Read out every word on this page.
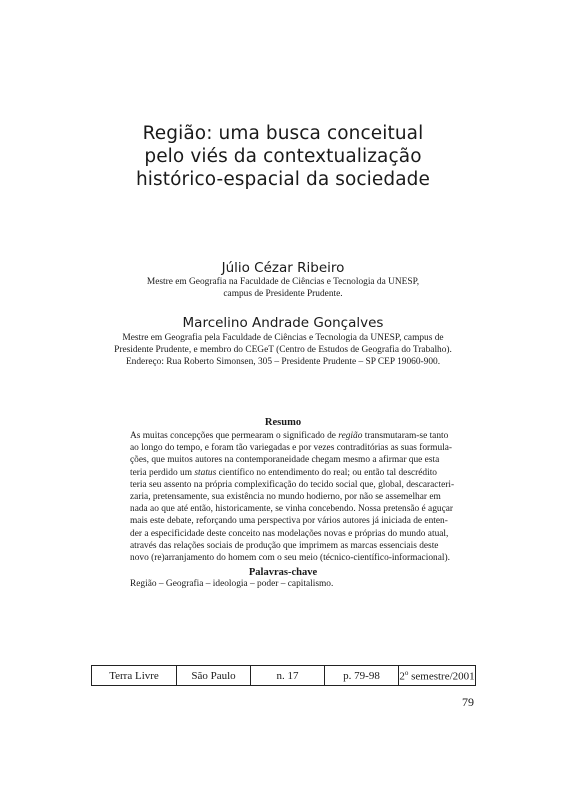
Região: uma busca conceitual
pelo viés da contextualização
histórico-espacial da sociedade
Júlio Cézar Ribeiro
Mestre em Geografia na Faculdade de Ciências e Tecnologia da UNESP,
campus de Presidente Prudente.
Marcelino Andrade Gonçalves
Mestre em Geografia pela Faculdade de Ciências e Tecnologia da UNESP, campus de
Presidente Prudente, e membro do CEGeT (Centro de Estudos de Geografia do Trabalho).
Endereço: Rua Roberto Simonsen, 305 – Presidente Prudente – SP CEP 19060-900.
Resumo
As muitas concepções que permearam o significado de região transmutaram-se tanto
ao longo do tempo, e foram tão variegadas e por vezes contraditórias as suas formula-
ções, que muitos autores na contemporaneidade chegam mesmo a afirmar que esta
teria perdido um status científico no entendimento do real; ou então tal descrédito
teria seu assento na própria complexificação do tecido social que, global, descaracteri-
zaria, pretensamente, sua existência no mundo hodierno, por não se assemelhar em
nada ao que até então, historicamente, se vinha concebendo. Nossa pretensão é aguçar
mais este debate, reforçando uma perspectiva por vários autores já iniciada de enten-
der a especificidade deste conceito nas modelações novas e próprias do mundo atual,
através das relações sociais de produção que imprimem as marcas essenciais deste
novo (re)arranjamento do homem com o seu meio (técnico-científico-informacional).
Palavras-chave
Região – Geografia – ideologia – poder – capitalismo.
Terra Livre	São Paulo	n. 17	p. 79-98	2$^o$ semestre/2001
79
